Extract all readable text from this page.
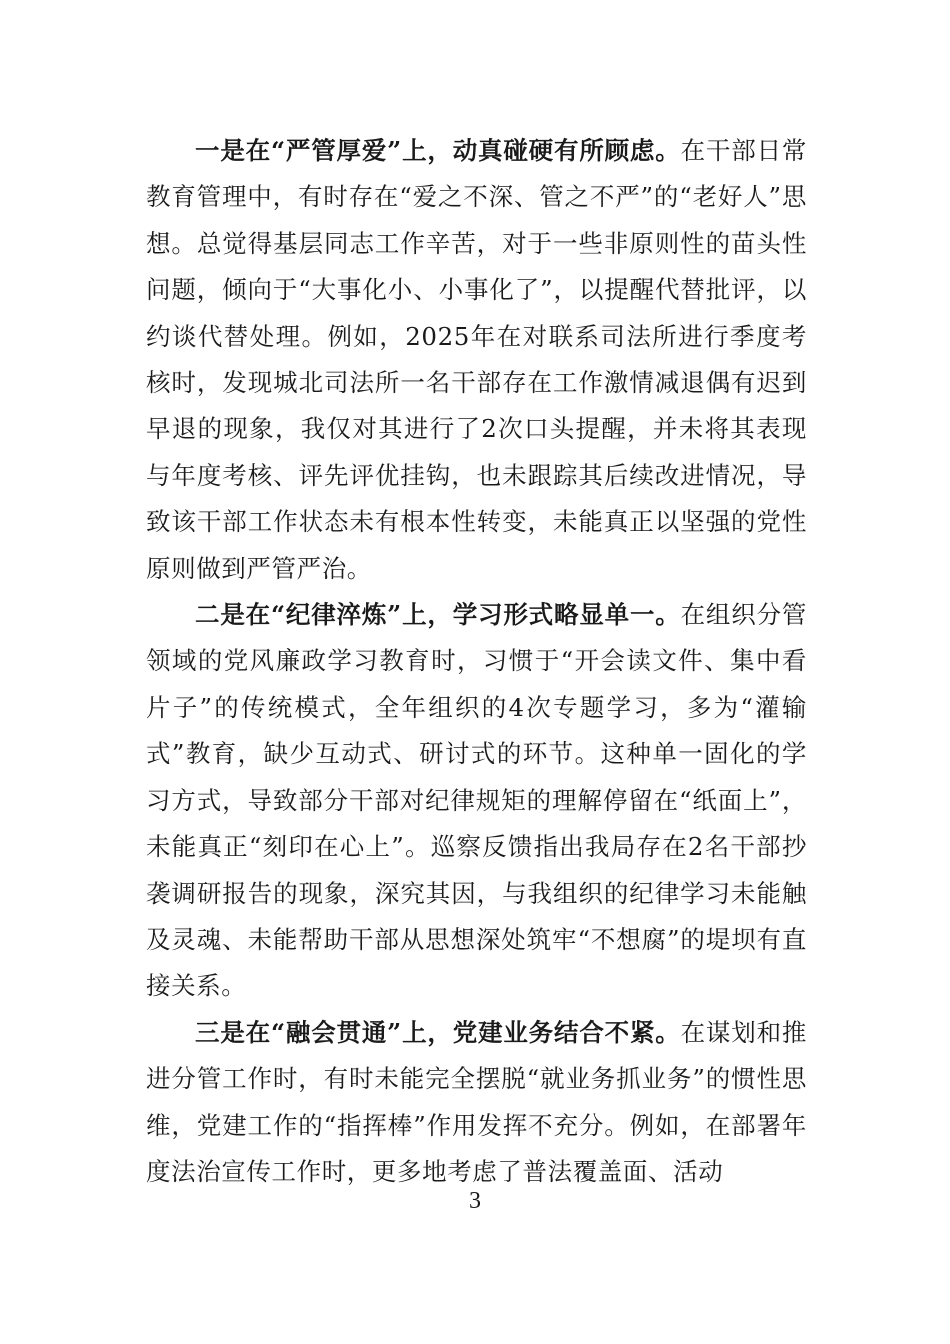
一是在“严管厚爱”上，动真碰硬有所顾虑。在干部日常教育管理中，有时存在“爱之不深、管之不严”的“老好人”思想。总觉得基层同志工作辛苦，对于一些非原则性的苗头性问题，倾向于“大事化小、小事化了”，以提醒代替批评，以约谈代替处理。例如，2025年在对联系司法所进行季度考核时，发现城北司法所一名干部存在工作激情减退偶有迟到早退的现象，我仅对其进行了2次口头提醒，并未将其表现与年度考核、评先评优挂钩，也未跟踪其后续改进情况，导致该干部工作状态未有根本性转变，未能真正以坚强的党性原则做到严管严治。

二是在“纪律淬炼”上，学习形式略显单一。在组织分管领域的党风廉政学习教育时，习惯于“开会读文件、集中看片子”的传统模式，全年组织的4次专题学习，多为“灌输式”教育，缺少互动式、研讨式的环节。这种单一固化的学习方式，导致部分干部对纪律规矩的理解停留在“纸面上”，未能真正“刻印在心上”。巡察反馈指出我局存在2名干部抄袭调研报告的现象，深究其因，与我组织的纪律学习未能触及灵魂、未能帮助干部从思想深处筑牢“不想腐”的堤坝有直接关系。

三是在“融会贯通”上，党建业务结合不紧。在谋划和推进分管工作时，有时未能完全摆脱“就业务抓业务”的惯性思维，党建工作的“指挥棒”作用发挥不充分。例如，在部署年度法治宣传工作时，更多地考虑了普法覆盖面、活动

3
